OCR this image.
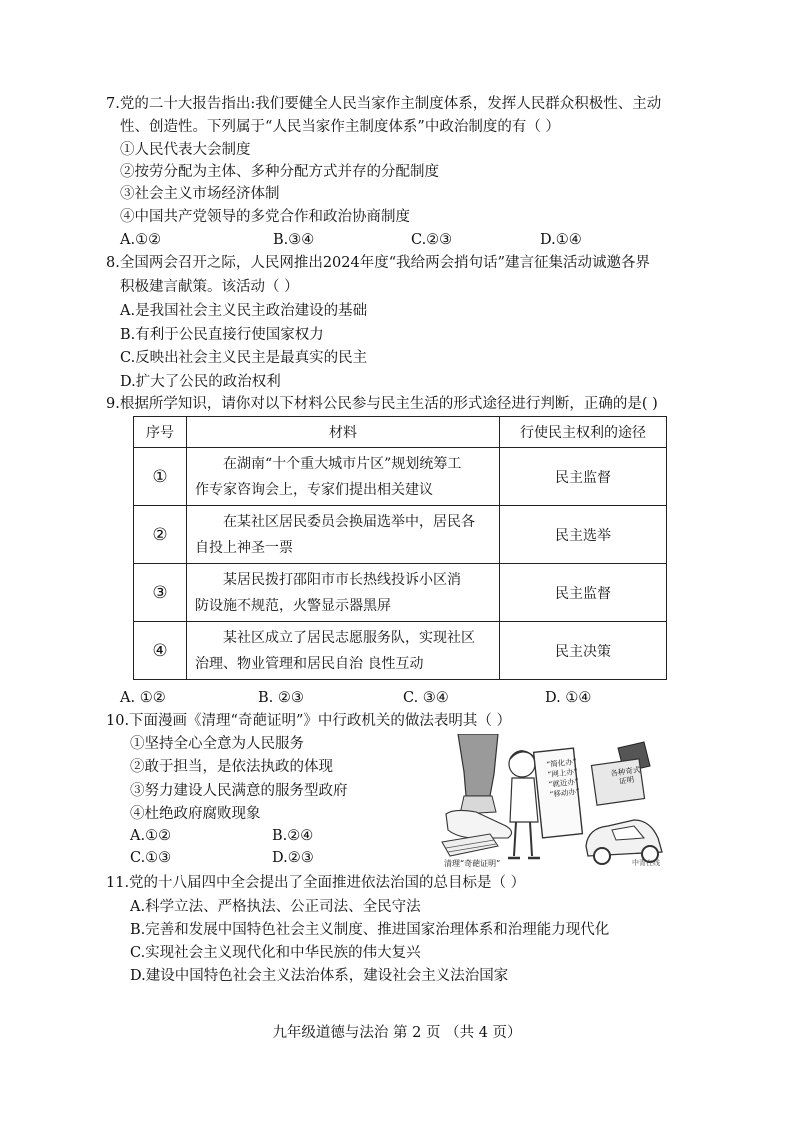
7.党的二十大报告指出:我们要健全人民当家作主制度体系，发挥人民群众积极性、主动
性、创造性。下列属于“人民当家作主制度体系”中政治制度的有（ ）
①人民代表大会制度
②按劳分配为主体、多种分配方式并存的分配制度
③社会主义市场经济体制
④中国共产党领导的多党合作和政治协商制度
A.①②	B.③④	C.②③	D.①④
8.全国两会召开之际，人民网推出2024年度“我给两会捎句话”建言征集活动诚邀各界
积极建言献策。该活动（ ）
A.是我国社会主义民主政治建设的基础
B.有利于公民直接行使国家权力
C.反映出社会主义民主是最真实的民主
D.扩大了公民的政治权利
9.根据所学知识，请你对以下材料公民参与民主生活的形式途径进行判断，正确的是( )
序号	材料	行使民主权利的途径
①	在湖南“十个重大城市片区”规划统筹工
作专家咨询会上，专家们提出相关建议	民主监督
②	在某社区居民委员会换届选举中，居民各
自投上神圣一票	民主选举
③	某居民拨打邵阳市市长热线投诉小区消
防设施不规范，火警显示器黑屏	民主监督
④	某社区成立了居民志愿服务队，实现社区
治理、物业管理和居民自治 良性互动	民主决策
A. ①②	B. ②③	C. ③④	D. ①④
10.下面漫画《清理“奇葩证明”》中行政机关的做法表明其（ ）
①坚持全心全意为人民服务
②敢于担当，是依法执政的体现
③努力建设人民满意的服务型政府
④杜绝政府腐败现象
A.①②	B.②④
C.①③	D.②③
“简化办”
“网上办”
“就近办”
“移动办”
各种奇式
证明
清理“奇葩证明”	中青在线
11.党的十八届四中全会提出了全面推进依法治国的总目标是（ ）
A.科学立法、严格执法、公正司法、全民守法
B.完善和发展中国特色社会主义制度、推进国家治理体系和治理能力现代化
C.实现社会主义现代化和中华民族的伟大复兴
D.建设中国特色社会主义法治体系，建设社会主义法治国家
九年级道德与法治 第 2 页 （共 4 页）
